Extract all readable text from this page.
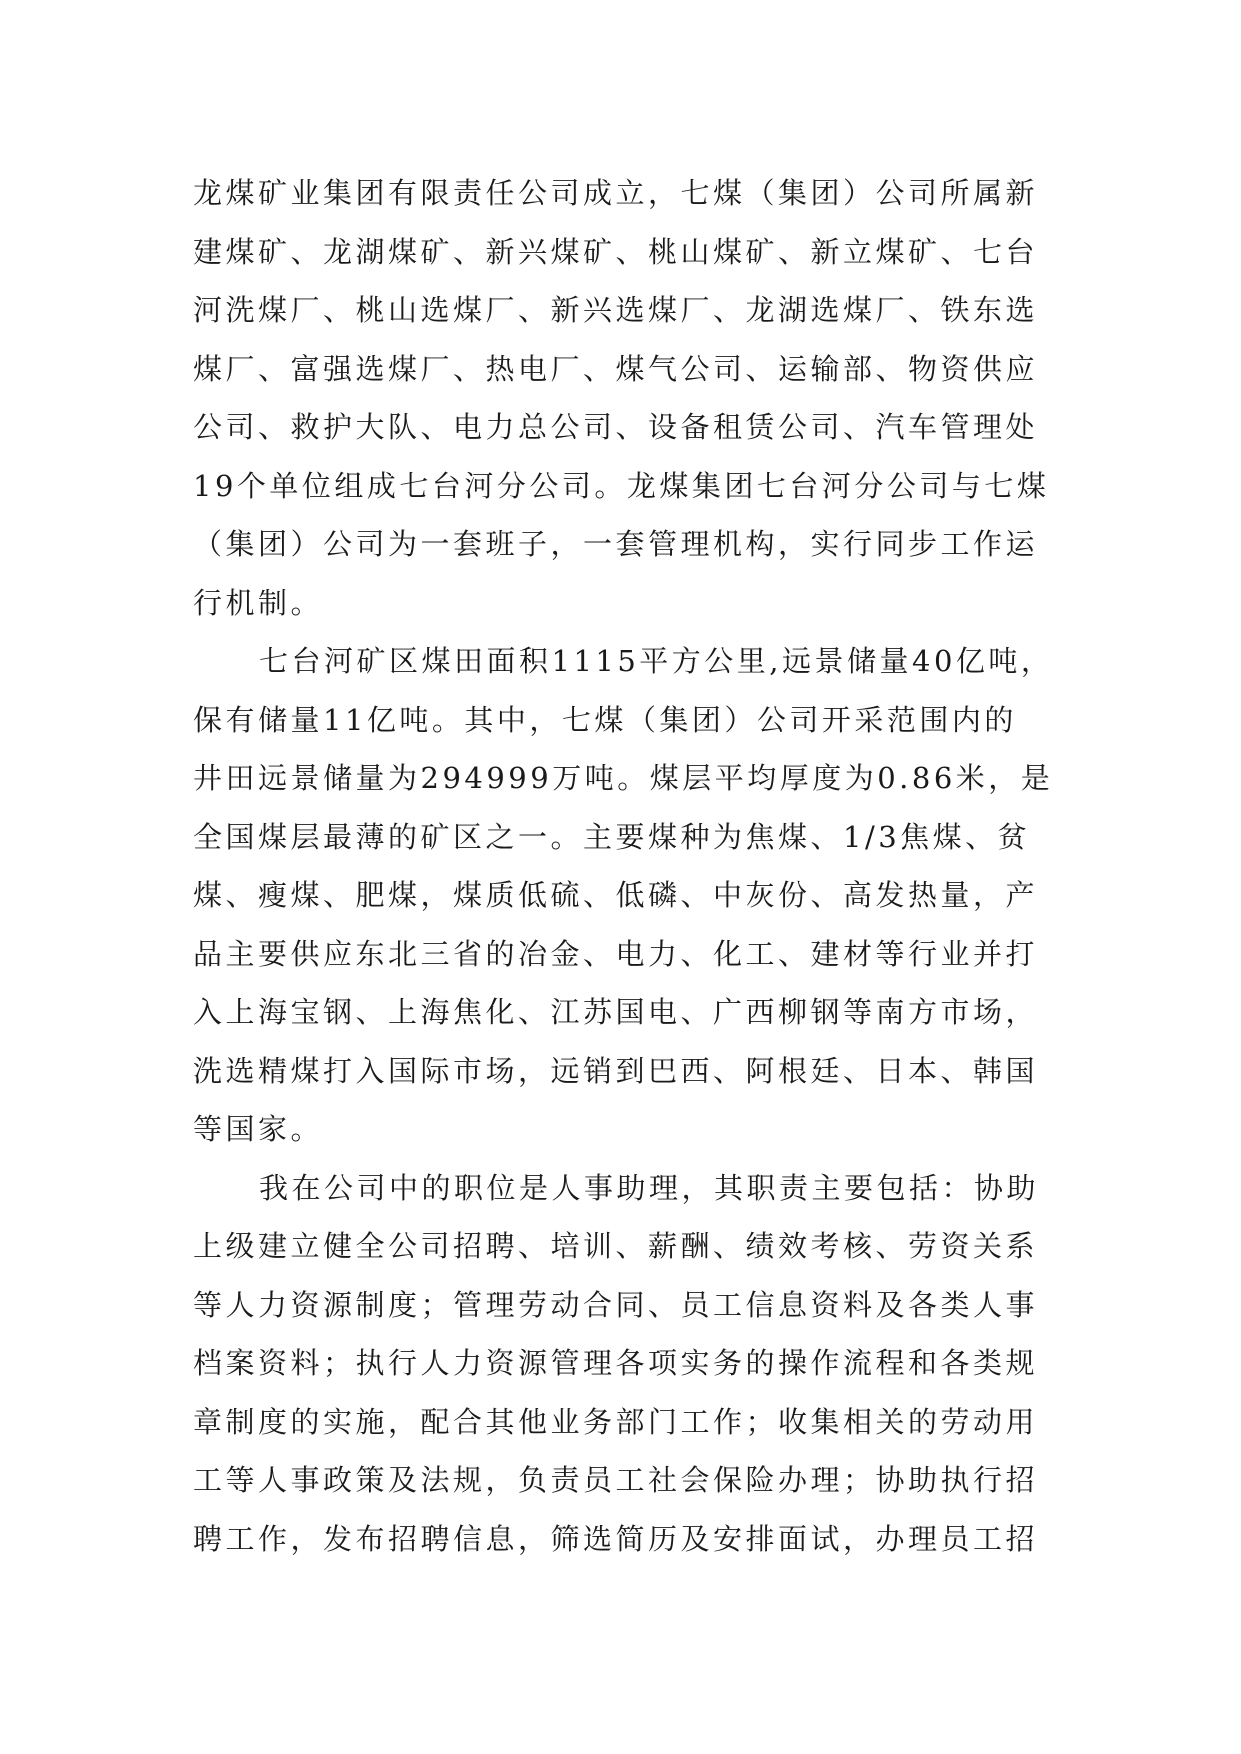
龙煤矿业集团有限责任公司成立，七煤（集团）公司所属新
建煤矿、龙湖煤矿、新兴煤矿、桃山煤矿、新立煤矿、七台
河洗煤厂、桃山选煤厂、新兴选煤厂、龙湖选煤厂、铁东选
煤厂、富强选煤厂、热电厂、煤气公司、运输部、物资供应
公司、救护大队、电力总公司、设备租赁公司、汽车管理处
19个单位组成七台河分公司。龙煤集团七台河分公司与七煤
（集团）公司为一套班子，一套管理机构，实行同步工作运
行机制。
七台河矿区煤田面积1115平方公里,远景储量40亿吨，
保有储量11亿吨。其中，七煤（集团）公司开采范围内的
井田远景储量为294999万吨。煤层平均厚度为0.86米，是
全国煤层最薄的矿区之一。主要煤种为焦煤、1/3焦煤、贫
煤、瘦煤、肥煤，煤质低硫、低磷、中灰份、高发热量，产
品主要供应东北三省的冶金、电力、化工、建材等行业并打
入上海宝钢、上海焦化、江苏国电、广西柳钢等南方市场，
洗选精煤打入国际市场，远销到巴西、阿根廷、日本、韩国
等国家。
我在公司中的职位是人事助理，其职责主要包括：协助
上级建立健全公司招聘、培训、薪酬、绩效考核、劳资关系
等人力资源制度；管理劳动合同、员工信息资料及各类人事
档案资料；执行人力资源管理各项实务的操作流程和各类规
章制度的实施，配合其他业务部门工作；收集相关的劳动用
工等人事政策及法规，负责员工社会保险办理；协助执行招
聘工作，发布招聘信息，筛选简历及安排面试，办理员工招
